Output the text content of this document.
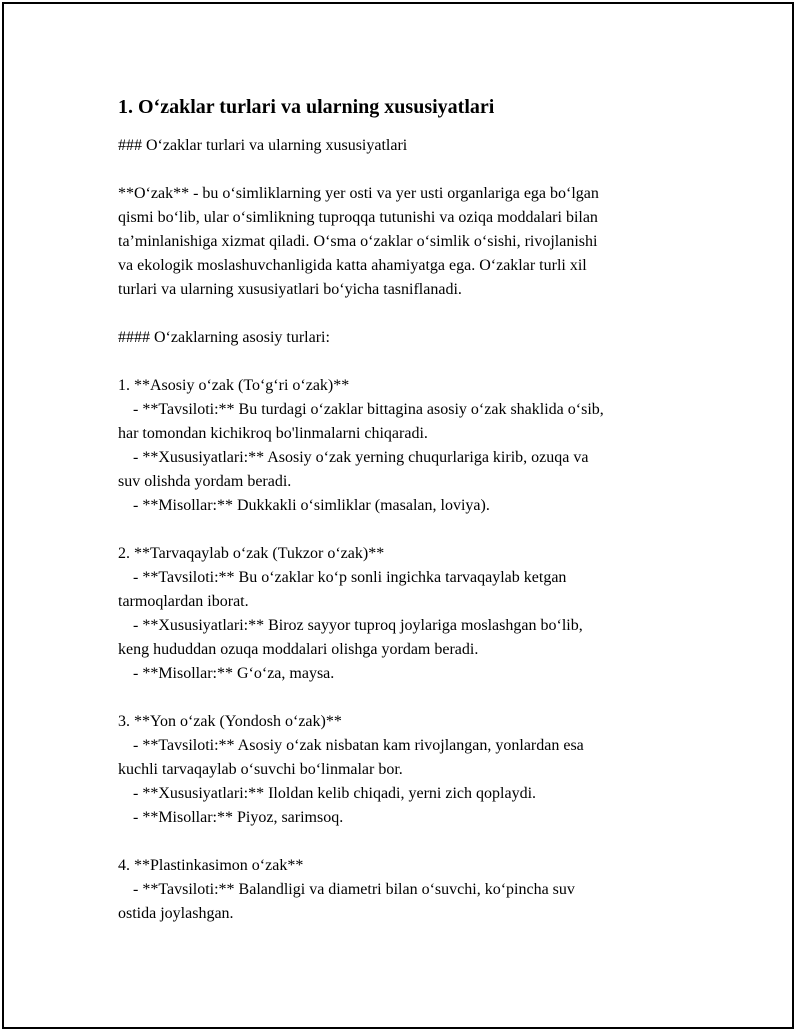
1. O‘zaklar turlari va ularning xususiyatlari
### O‘zaklar turlari va ularning xususiyatlari
**O‘zak** - bu o‘simliklarning yer osti va yer usti organlariga ega bo‘lgan
qismi bo‘lib, ular o‘simlikning tuproqqa tutunishi va oziqa moddalari bilan
ta’minlanishiga xizmat qiladi. O‘sma o‘zaklar o‘simlik o‘sishi, rivojlanishi
va ekologik moslashuvchanligida katta ahamiyatga ega. O‘zaklar turli xil
turlari va ularning xususiyatlari bo‘yicha tasniflanadi.
#### O‘zaklarning asosiy turlari:
1. **Asosiy o‘zak (To‘g‘ri o‘zak)**
- **Tavsiloti:** Bu turdagi o‘zaklar bittagina asosiy o‘zak shaklida o‘sib,
har tomondan kichikroq bo'linmalarni chiqaradi.
- **Xususiyatlari:** Asosiy o‘zak yerning chuqurlariga kirib, ozuqa va
suv olishda yordam beradi.
- **Misollar:** Dukkakli o‘simliklar (masalan, loviya).
2. **Tarvaqaylab o‘zak (Tukzor o‘zak)**
- **Tavsiloti:** Bu o‘zaklar ko‘p sonli ingichka tarvaqaylab ketgan
tarmoqlardan iborat.
- **Xususiyatlari:** Biroz sayyor tuproq joylariga moslashgan bo‘lib,
keng hududdan ozuqa moddalari olishga yordam beradi.
- **Misollar:** G‘o‘za, maysa.
3. **Yon o‘zak (Yondosh o‘zak)**
- **Tavsiloti:** Asosiy o‘zak nisbatan kam rivojlangan, yonlardan esa
kuchli tarvaqaylab o‘suvchi bo‘linmalar bor.
- **Xususiyatlari:** Iloldan kelib chiqadi, yerni zich qoplaydi.
- **Misollar:** Piyoz, sarimsoq.
4. **Plastinkasimon o‘zak**
- **Tavsiloti:** Balandligi va diametri bilan o‘suvchi, ko‘pincha suv
ostida joylashgan.
